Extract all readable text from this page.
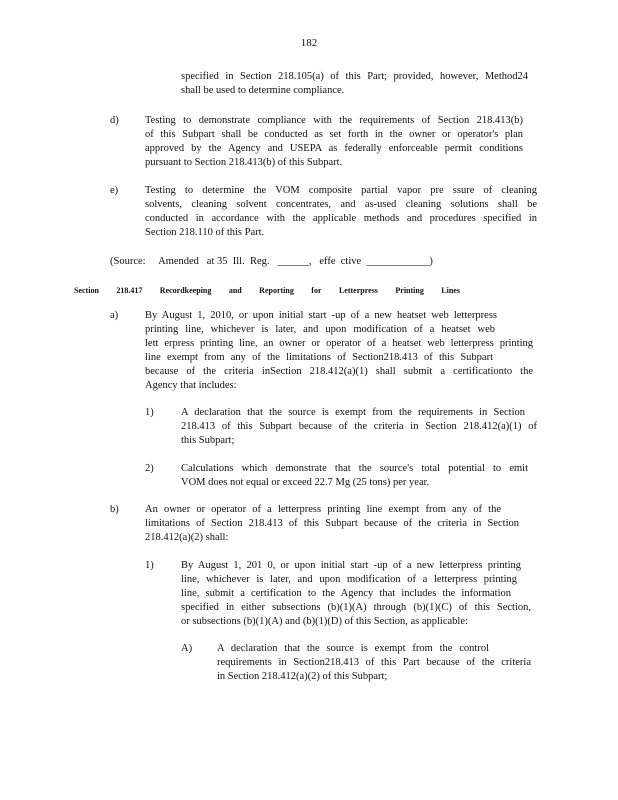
182
specified in Section 218.105(a) of this Part; provided, however, Method24
shall be used to determine compliance.
d)	Testing to demonstrate compliance with the requirements of Section 218.413(b)
of this Subpart shall be conducted as set forth in the owner or operator's plan
approved by the Agency and USEPA as federally enforceable permit conditions
pursuant to Section 218.413(b) of this Subpart.
e)	Testing to determine the VOM composite partial vapor pre ssure of cleaning
solvents, cleaning solvent concentrates, and as-used cleaning solutions shall be
conducted in accordance with the applicable methods and procedures specified in
Section 218.110 of this Part.
(Source:     Amended   at 35  Ill.  Reg.   ______,   effe  ctive  ____________)
Section 218.417 Recordkeeping and Reporting for Letterpress Printing Lines
a)	By August 1, 2010, or upon initial start -up of a new heatset web letterpress
printing line, whichever is later, and upon modification of a heatset web
lett erpress printing line, an owner or operator of a heatset web letterpress printing
line exempt from any of the limitations of Section218.413 of this Subpart
because of the criteria inSection 218.412(a)(1) shall submit a certificationto the
Agency that includes:
1)	A declaration that the source is exempt from the requirements in Section
218.413 of this Subpart because of the criteria in Section 218.412(a)(1) of
this Subpart;
2)	Calculations which demonstrate that the source's total potential to emit
VOM does not equal or exceed 22.7 Mg (25 tons) per year.
b)	An owner or operator of a letterpress printing line exempt from any of the
limitations of Section 218.413 of this Subpart because of the criteria in Section
218.412(a)(2) shall:
1)	By August 1, 201 0, or upon initial start -up of a new letterpress printing
line, whichever is later, and upon modification of a letterpress printing
line, submit a certification to the Agency that includes the information
specified in either subsections (b)(1)(A) through (b)(1)(C) of this Section,
or subsections (b)(1)(A) and (b)(1)(D) of this Section, as applicable:
A)	A declaration that the source is exempt from the control
requirements in Section218.413 of this Part because of the criteria
in Section 218.412(a)(2) of this Subpart;
